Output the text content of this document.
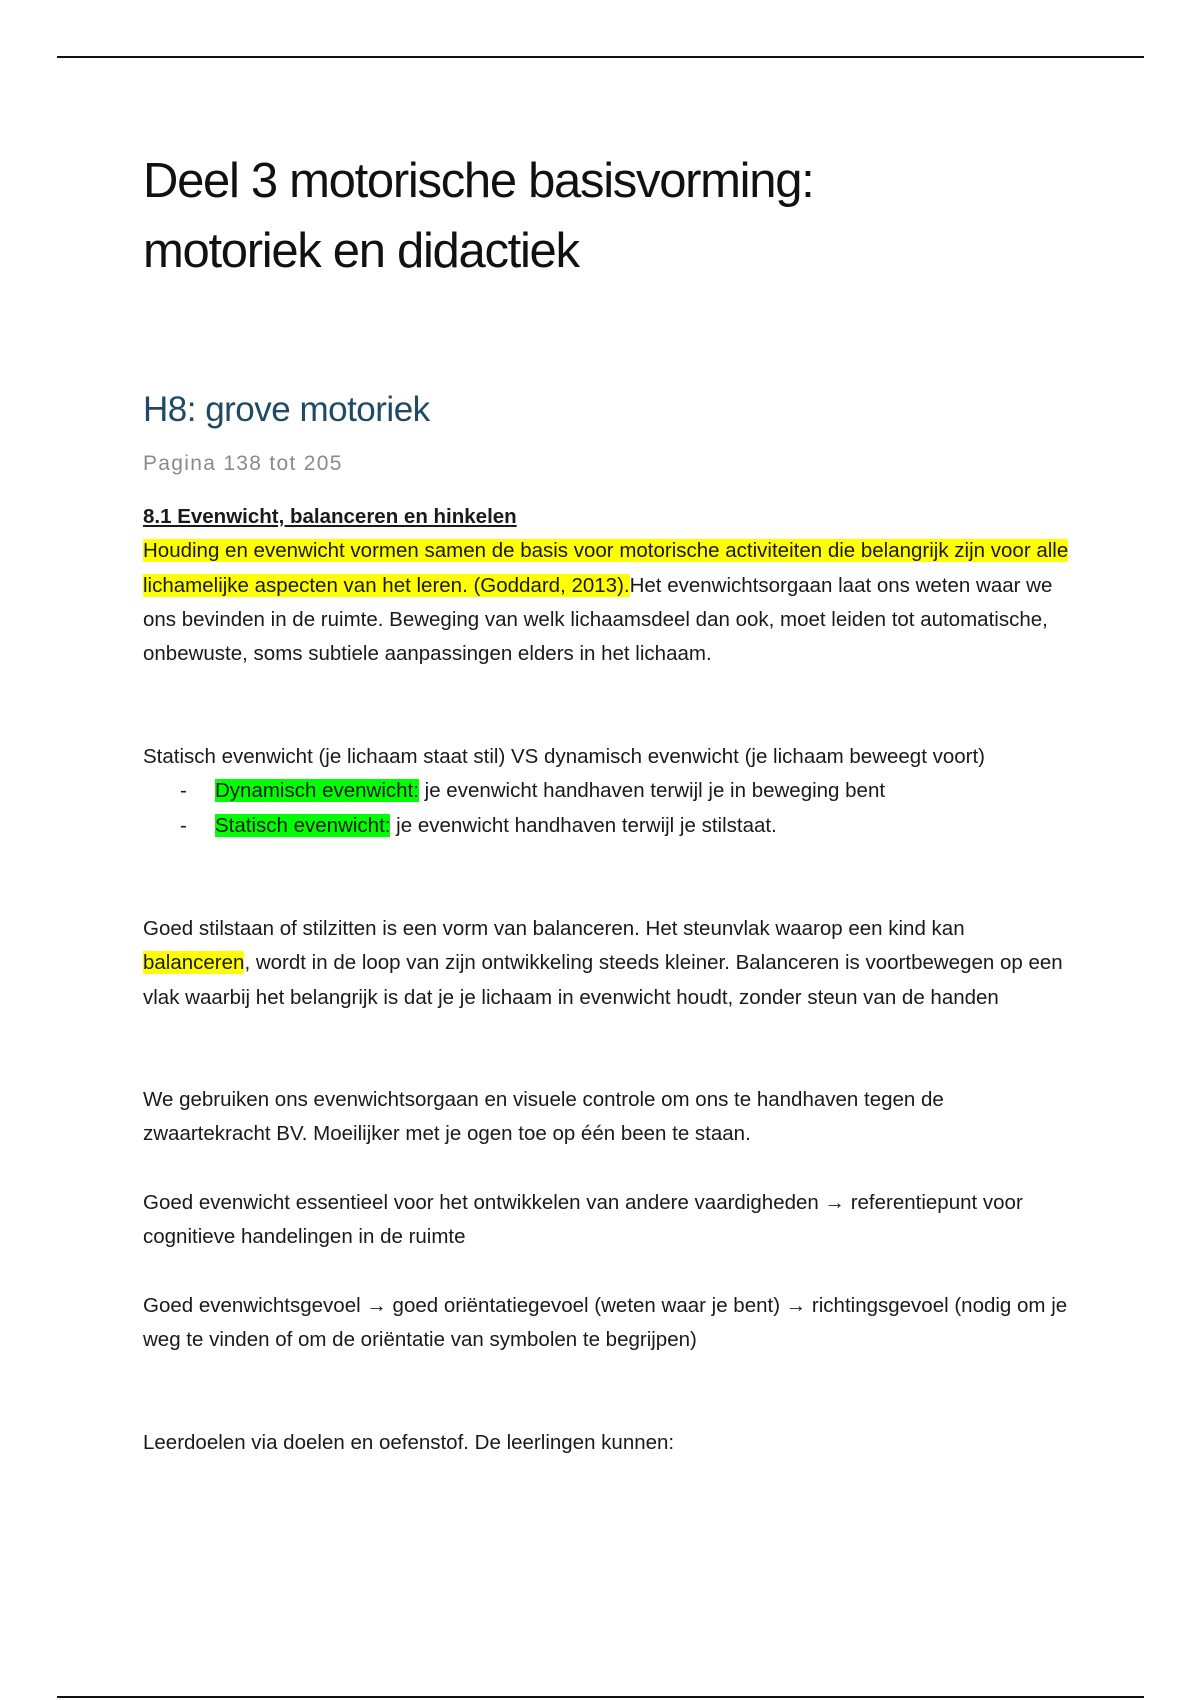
Deel 3 motorische basisvorming:
motoriek en didactiek
H8: grove motoriek
Pagina 138 tot 205
8.1 Evenwicht, balanceren en hinkelen

Houding en evenwicht vormen samen de basis voor motorische activiteiten die belangrijk zijn voor alle lichamelijke aspecten van het leren. (Goddard, 2013).Het evenwichtsorgaan laat ons weten waar we ons bevinden in de ruimte. Beweging van welk lichaamsdeel dan ook, moet leiden tot automatische, onbewuste, soms subtiele aanpassingen elders in het lichaam.

Statisch evenwicht (je lichaam staat stil) VS dynamisch evenwicht (je lichaam beweegt voort)

- Dynamisch evenwicht: je evenwicht handhaven terwijl je in beweging bent
- Statisch evenwicht: je evenwicht handhaven terwijl je stilstaat.

Goed stilstaan of stilzitten is een vorm van balanceren. Het steunvlak waarop een kind kan balanceren, wordt in de loop van zijn ontwikkeling steeds kleiner. Balanceren is voortbewegen op een vlak waarbij het belangrijk is dat je je lichaam in evenwicht houdt, zonder steun van de handen

We gebruiken ons evenwichtsorgaan en visuele controle om ons te handhaven tegen de zwaartekracht BV. Moeilijker met je ogen toe op één been te staan.

Goed evenwicht essentieel voor het ontwikkelen van andere vaardigheden → referentiepunt voor cognitieve handelingen in de ruimte

Goed evenwichtsgevoel → goed oriëntatiegevoel (weten waar je bent) → richtingsgevoel (nodig om je weg te vinden of om de oriëntatie van symbolen te begrijpen)

Leerdoelen via doelen en oefenstof. De leerlingen kunnen:
